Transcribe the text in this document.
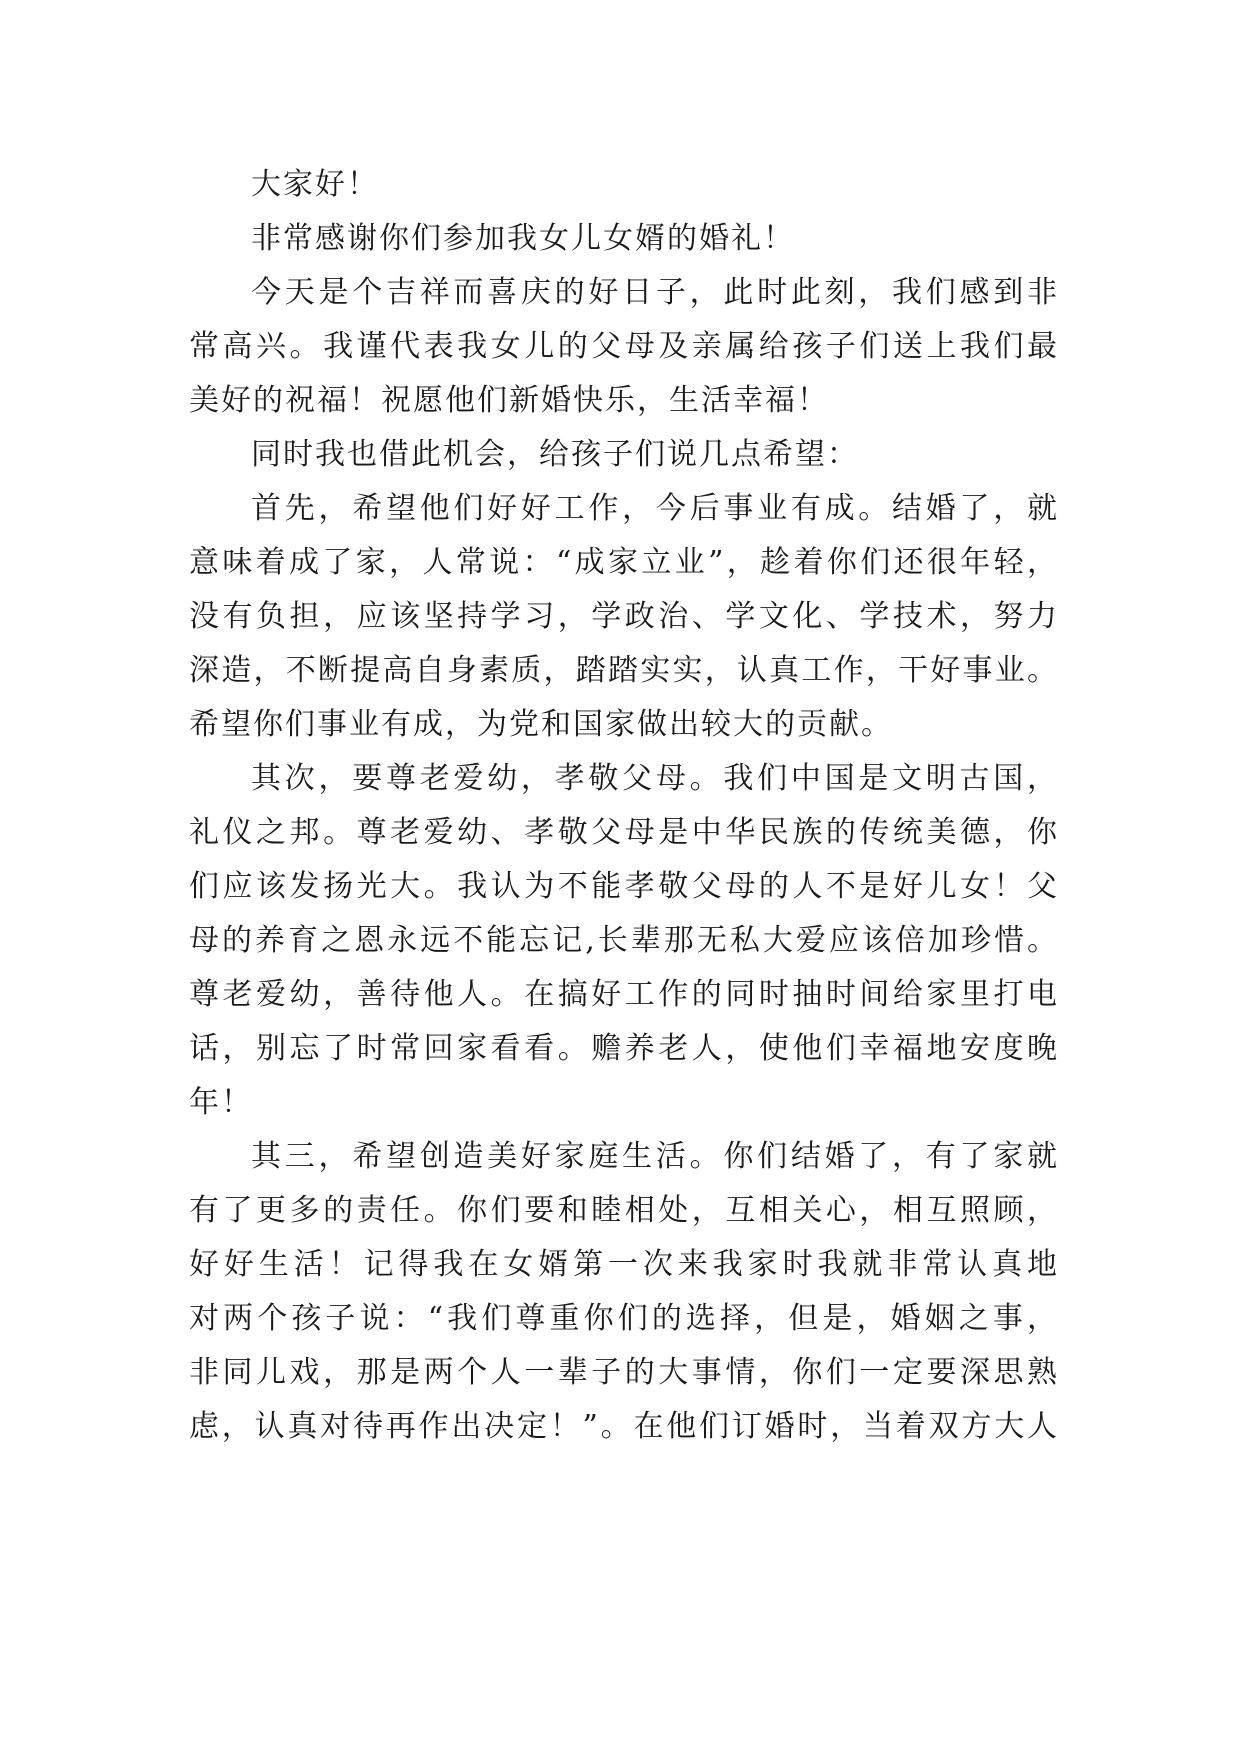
大家好！
非常感谢你们参加我女儿女婿的婚礼！
今天是个吉祥而喜庆的好日子，此时此刻，我们感到非
常高兴。我谨代表我女儿的父母及亲属给孩子们送上我们最
美好的祝福！祝愿他们新婚快乐，生活幸福！
同时我也借此机会，给孩子们说几点希望：
首先，希望他们好好工作，今后事业有成。结婚了，就
意味着成了家，人常说：“成家立业”，趁着你们还很年轻，
没有负担，应该坚持学习，学政治、学文化、学技术，努力
深造，不断提高自身素质，踏踏实实，认真工作，干好事业。
希望你们事业有成，为党和国家做出较大的贡献。
其次，要尊老爱幼，孝敬父母。我们中国是文明古国，
礼仪之邦。尊老爱幼、孝敬父母是中华民族的传统美德，你
们应该发扬光大。我认为不能孝敬父母的人不是好儿女！父
母的养育之恩永远不能忘记,长辈那无私大爱应该倍加珍惜。
尊老爱幼，善待他人。在搞好工作的同时抽时间给家里打电
话，别忘了时常回家看看。赡养老人，使他们幸福地安度晚
年！
其三，希望创造美好家庭生活。你们结婚了，有了家就
有了更多的责任。你们要和睦相处，互相关心，相互照顾，
好好生活！记得我在女婿第一次来我家时我就非常认真地
对两个孩子说：“我们尊重你们的选择，但是，婚姻之事，
非同儿戏，那是两个人一辈子的大事情，你们一定要深思熟
虑，认真对待再作出决定！”。在他们订婚时，当着双方大人
